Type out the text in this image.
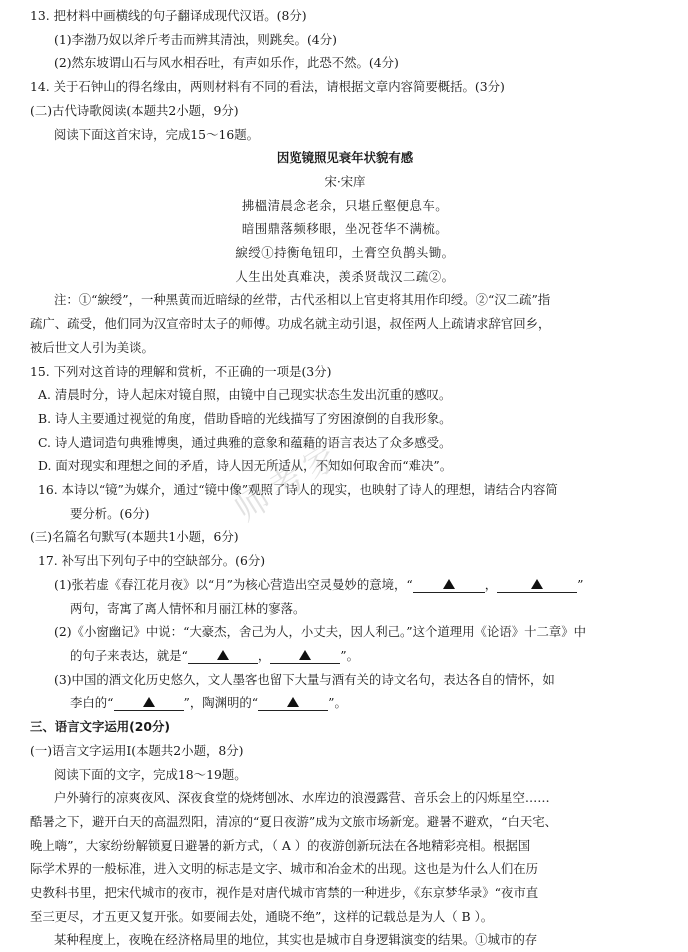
师考家
13. 把材料中画横线的句子翻译成现代汉语。(8分)
(1)李渤乃奴以斧斤考击而辨其清浊，则跳矣。(4分)
(2)然东坡谓山石与风水相吞吐，有声如乐作，此恐不然。(4分)
14. 关于石钟山的得名缘由，两则材料有不同的看法，请根据文章内容简要概括。(3分)
(二)古代诗歌阅读(本题共2小题，9分)
阅读下面这首宋诗，完成15～16题。
因览镜照见衰年状貌有感
宋·宋庠
拂榲清晨念老余，只堪丘壑便息车。
暗围鼎落频移眼，坐况苍华不满梳。
綟绶①持衡龟钮印，土膏空负鹊头锄。
人生出处真难决，羡杀贤哉汉二疏②。
注：①“綟绶”，一种黑黄而近暗绿的丝带，古代丞相以上官吏将其用作印绶。②“汉二疏”指
疏广、疏受，他们同为汉宣帝时太子的师傅。功成名就主动引退，叔侄两人上疏请求辞官回乡，
被后世文人引为美谈。
15. 下列对这首诗的理解和赏析，不正确的一项是(3分)
A. 清晨时分，诗人起床对镜自照，由镜中自己现实状态生发出沉重的感叹。
B. 诗人主要通过视觉的角度，借助昏暗的光线描写了穷困潦倒的自我形象。
C. 诗人遣词造句典雅博奥，通过典雅的意象和蕴藉的语言表达了众多感受。
D. 面对现实和理想之间的矛盾，诗人因无所适从，不知如何取舍而“难决”。
16. 本诗以“镜”为媒介，通过“镜中像”观照了诗人的现实，也映射了诗人的理想，请结合内容简
要分析。(6分)
(三)名篇名句默写(本题共1小题，6分)
17. 补写出下列句子中的空缺部分。(6分)
(1)张若虚《春江花月夜》以“月”为核心营造出空灵曼妙的意境，“	，	”
两句，寄寓了离人情怀和月丽江林的寥落。
(2)《小窗幽记》中说：“大豪杰，舍己为人，小丈夫，因人利己。”这个道理用《论语》十二章》中
的句子来表达，就是“	，	”。
(3)中国的酒文化历史悠久，文人墨客也留下大量与酒有关的诗文名句，表达各自的情怀，如
李白的“	”，陶渊明的“	”。
三、语言文字运用(20分)
(一)语言文字运用Ⅰ(本题共2小题，8分)
阅读下面的文字，完成18～19题。
户外骑行的凉爽夜风、深夜食堂的烧烤刨冰、水库边的浪漫露营、音乐会上的闪烁星空……
酷暑之下，避开白天的高温烈阳，清凉的“夏日夜游”成为文旅市场新宠。避暑不避欢，“白天宅、
晚上嗨”，大家纷纷解锁夏日避暑的新方式，（ A ）的夜游创新玩法在各地精彩亮相。根据国
际学术界的一般标准，进入文明的标志是文字、城市和冶金术的出现。这也是为什么人们在历
史教科书里，把宋代城市的夜市，视作是对唐代城市宵禁的一种进步，《东京梦华录》“夜市直
至三更尽，才五更又复开张。如要闹去处，通晓不绝”，这样的记载总是为人（ B ）。
某种程度上，夜晚在经济格局里的地位，其实也是城市自身逻辑演变的结果。①城市的存
